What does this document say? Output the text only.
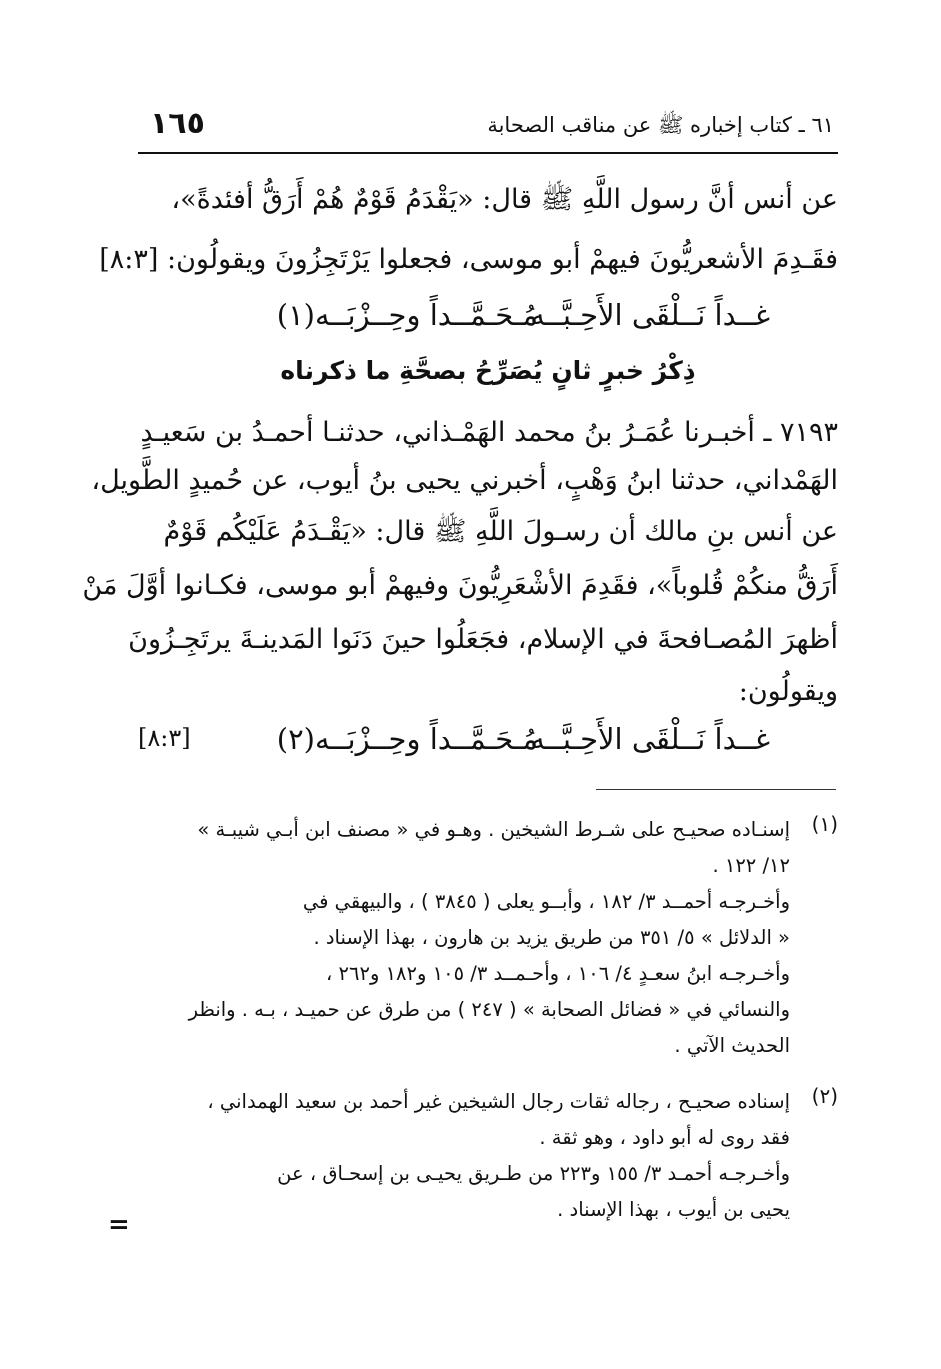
١٦٥	٦١ ـ كتاب إخباره ﷺ عن مناقب الصحابة
عن أنس أنَّ رسول اللَّهِ ﷺ قال: «يَقْدَمُ قَوْمٌ هُمْ أَرَقُّ أفئدةً»،
فقَـدِمَ الأشعريُّونَ فيهمْ أبو موسى، فجعلوا يَرْتَجِزُونَ ويقولُون: [٨:٣]
غــداً نَــلْقَى الأَحِـبَّــه
مُـحَـمَّــداً وحِــزْبَــه(١)
ذِكْرُ خبرٍ ثانٍ يُصَرِّحُ بصحَّةِ ما ذكرناه
٧١٩٣ ـ أخبـرنا عُمَـرُ بنُ محمد الهَمْـذاني، حدثنـا أحمـدُ بن سَعيـدٍ
الهَمْداني، حدثنا ابنُ وَهْبٍ، أخبرني يحيى بنُ أيوب، عن حُميدٍ الطَّويل،
عن أنس بنِ مالك أن رسـولَ اللَّهِ ﷺ قال: «يَقْـدَمُ عَلَيْكُم قَوْمٌ
أَرَقُّ منكُمْ قُلوباً»، فقَدِمَ الأشْعَرِيُّونَ وفيهمْ أبو موسى، فكـانوا أوَّلَ مَنْ
أظهرَ المُصـافحةَ في الإسلام، فجَعَلُوا حينَ دَنَوا المَدينـةَ يرتَجِـزُونَ
ويقولُون:
غــداً نَــلْقَى الأَحِـبَّــه
مُـحَـمَّــداً وحِــزْبَــه(٢)
[٨:٣]
(١)
إسنـاده صحيـح على شـرط الشيخين . وهـو في « مصنف ابن أبـي شيبـة »
١٢/ ١٢٢ .
وأخـرجـه أحمــد ٣/ ١٨٢ ، وأبــو يعلى ( ٣٨٤٥ ) ، والبيهقي في
« الدلائل » ٥/ ٣٥١ من طريق يزيد بن هارون ، بهذا الإسناد .
وأخـرجـه ابنُ سعـدٍ ٤/ ١٠٦ ، وأحـمــد ٣/ ١٠٥ و١٨٢ و٢٦٢ ،
والنسائي في « فضائل الصحابة » ( ٢٤٧ ) من طرق عن حميـد ، بـه . وانظر
الحديث الآتي .
(٢)
إسناده صحيـح ، رجاله ثقات رجال الشيخين غير أحمد بن سعيد الهمداني ،
فقد روى له أبو داود ، وهو ثقة .
وأخـرجـه أحمـد ٣/ ١٥٥ و٢٢٣ من طـريق يحيـى بن إسحـاق ، عن
يحيى بن أيوب ، بهذا الإسناد .
=
